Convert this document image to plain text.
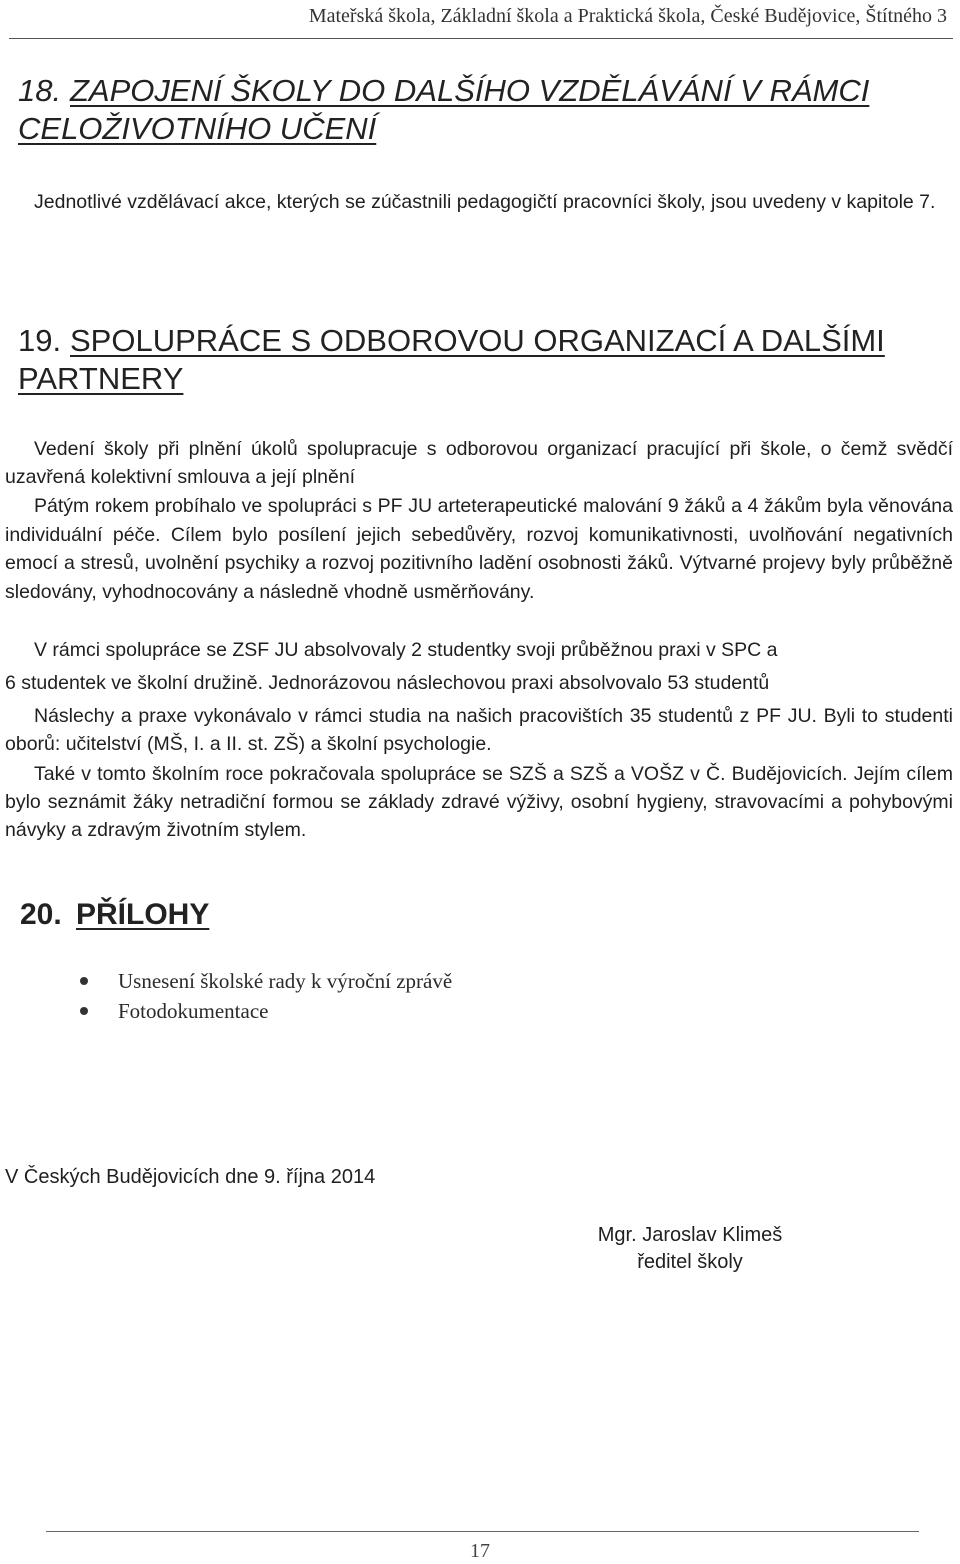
Mateřská škola, Základní škola a Praktická škola, České Budějovice, Štítného 3
18. ZAPOJENÍ ŠKOLY DO DALŠÍHO VZDĚLÁVÁNÍ V RÁMCI CELOŽIVOTNÍHO UČENÍ

Jednotlivé vzdělávací akce, kterých se zúčastnili pedagogičtí pracovníci školy, jsou uvedeny v kapitole 7.

19. SPOLUPRÁCE S ODBOROVOU ORGANIZACÍ A DALŠÍMI PARTNERY

Vedení školy při plnění úkolů spolupracuje s odborovou organizací pracující při škole, o čemž svědčí uzavřená kolektivní smlouva a její plnění

Pátým rokem probíhalo ve spolupráci s PF JU arteterapeutické malování 9 žáků a 4 žákům byla věnována individuální péče. Cílem bylo posílení jejich sebedůvěry, rozvoj komunikativnosti, uvolňování negativních emocí a stresů, uvolnění psychiky a rozvoj pozitivního ladění osobnosti žáků. Výtvarné projevy byly průběžně sledovány, vyhodnocovány a následně vhodně usměrňovány.

V rámci spolupráce se ZSF JU absolvovaly 2 studentky svoji průběžnou praxi v SPC a
6 studentek ve školní družině. Jednorázovou náslechovou praxi absolvovalo 53 studentů

Náslechy a praxe vykonávalo v rámci studia na našich pracovištích 35 studentů z PF JU. Byli to studenti oborů: učitelství (MŠ, I. a II. st. ZŠ) a školní psychologie.

Také v tomto školním roce pokračovala spolupráce se SZŠ a SZŠ a VOŠZ v Č. Budějovicích. Jejím cílem bylo seznámit žáky netradiční formou se základy zdravé výživy, osobní hygieny, stravovacími a pohybovými návyky a zdravým životním stylem.

20. PŘÍLOHY
Usnesení školské rady k výroční zprávě
Fotodokumentace
V Českých Budějovicích dne 9. října 2014
Mgr. Jaroslav Klimeš
ředitel školy
17
